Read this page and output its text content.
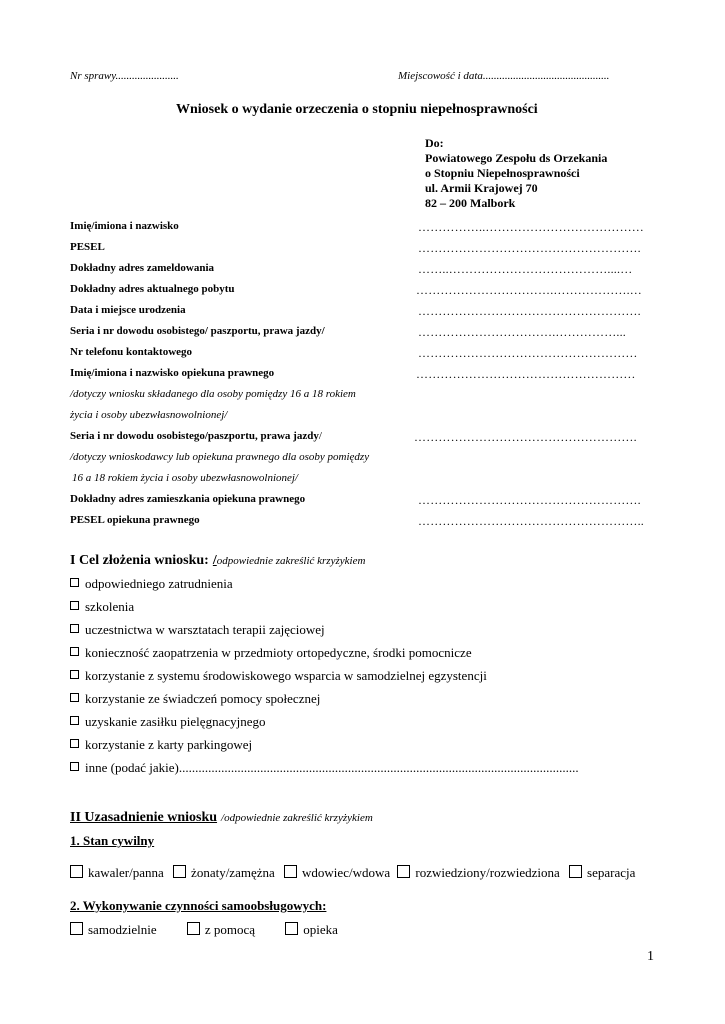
Nr sprawy.......................	Miejscowość i data..............................................
Wniosek o wydanie orzeczenia o stopniu niepełnosprawności
Do:
Powiatowego Zespołu ds Orzekania
o Stopniu Niepełnosprawności
ul. Armii Krajowej 70
82 – 200 Malbork
Imię/imiona i nazwisko	……………..…………………………………
PESEL	……………………………………………….
Dokładny adres zameldowania	……..…………………………………....…
Dokładny adres aktualnego pobytu	…………………………….……………….…
Data i miejsce urodzenia	……………………………………………….
Seria i nr dowodu osobistego/ paszportu, prawa jazdy/	…………………………….……………...
Nr telefonu kontaktowego	………………………………………………
Imię/imiona i nazwisko opiekuna prawnego	………………………………………………
/dotyczy wniosku składanego dla osoby pomiędzy 16 a 18 rokiem
życia i osoby ubezwłasnowolnionej/
Seria i nr dowodu osobistego/paszportu, prawa jazdy/	……………………………………………….
/dotyczy wnioskodawcy lub opiekuna prawnego dla osoby pomiędzy
16 a 18 rokiem życia i osoby ubezwłasnowolnionej/
Dokładny adres zamieszkania opiekuna prawnego	……………………………………………….
PESEL opiekuna prawnego	………………………………………………..
I Cel złożenia wniosku: /odpowiednie zakreślić krzyżykiem
odpowiedniego zatrudnienia
szkolenia
uczestnictwa w warsztatach terapii zajęciowej
konieczność zaopatrzenia w przedmioty ortopedyczne, środki pomocnicze
korzystanie z systemu środowiskowego wsparcia w samodzielnej egzystencji
korzystanie ze świadczeń pomocy społecznej
uzyskanie zasiłku pielęgnacyjnego
korzystanie z karty parkingowej
inne (podać jakie)...........................................................................................................................
II Uzasadnienie wniosku /odpowiednie zakreślić krzyżykiem
1. Stan cywilny
kawaler/panna żonaty/zamężna wdowiec/wdowa rozwiedziony/rozwiedziona separacja
2. Wykonywanie czynności samoobsługowych:
samodzielnie	z pomocą	opieka
1
